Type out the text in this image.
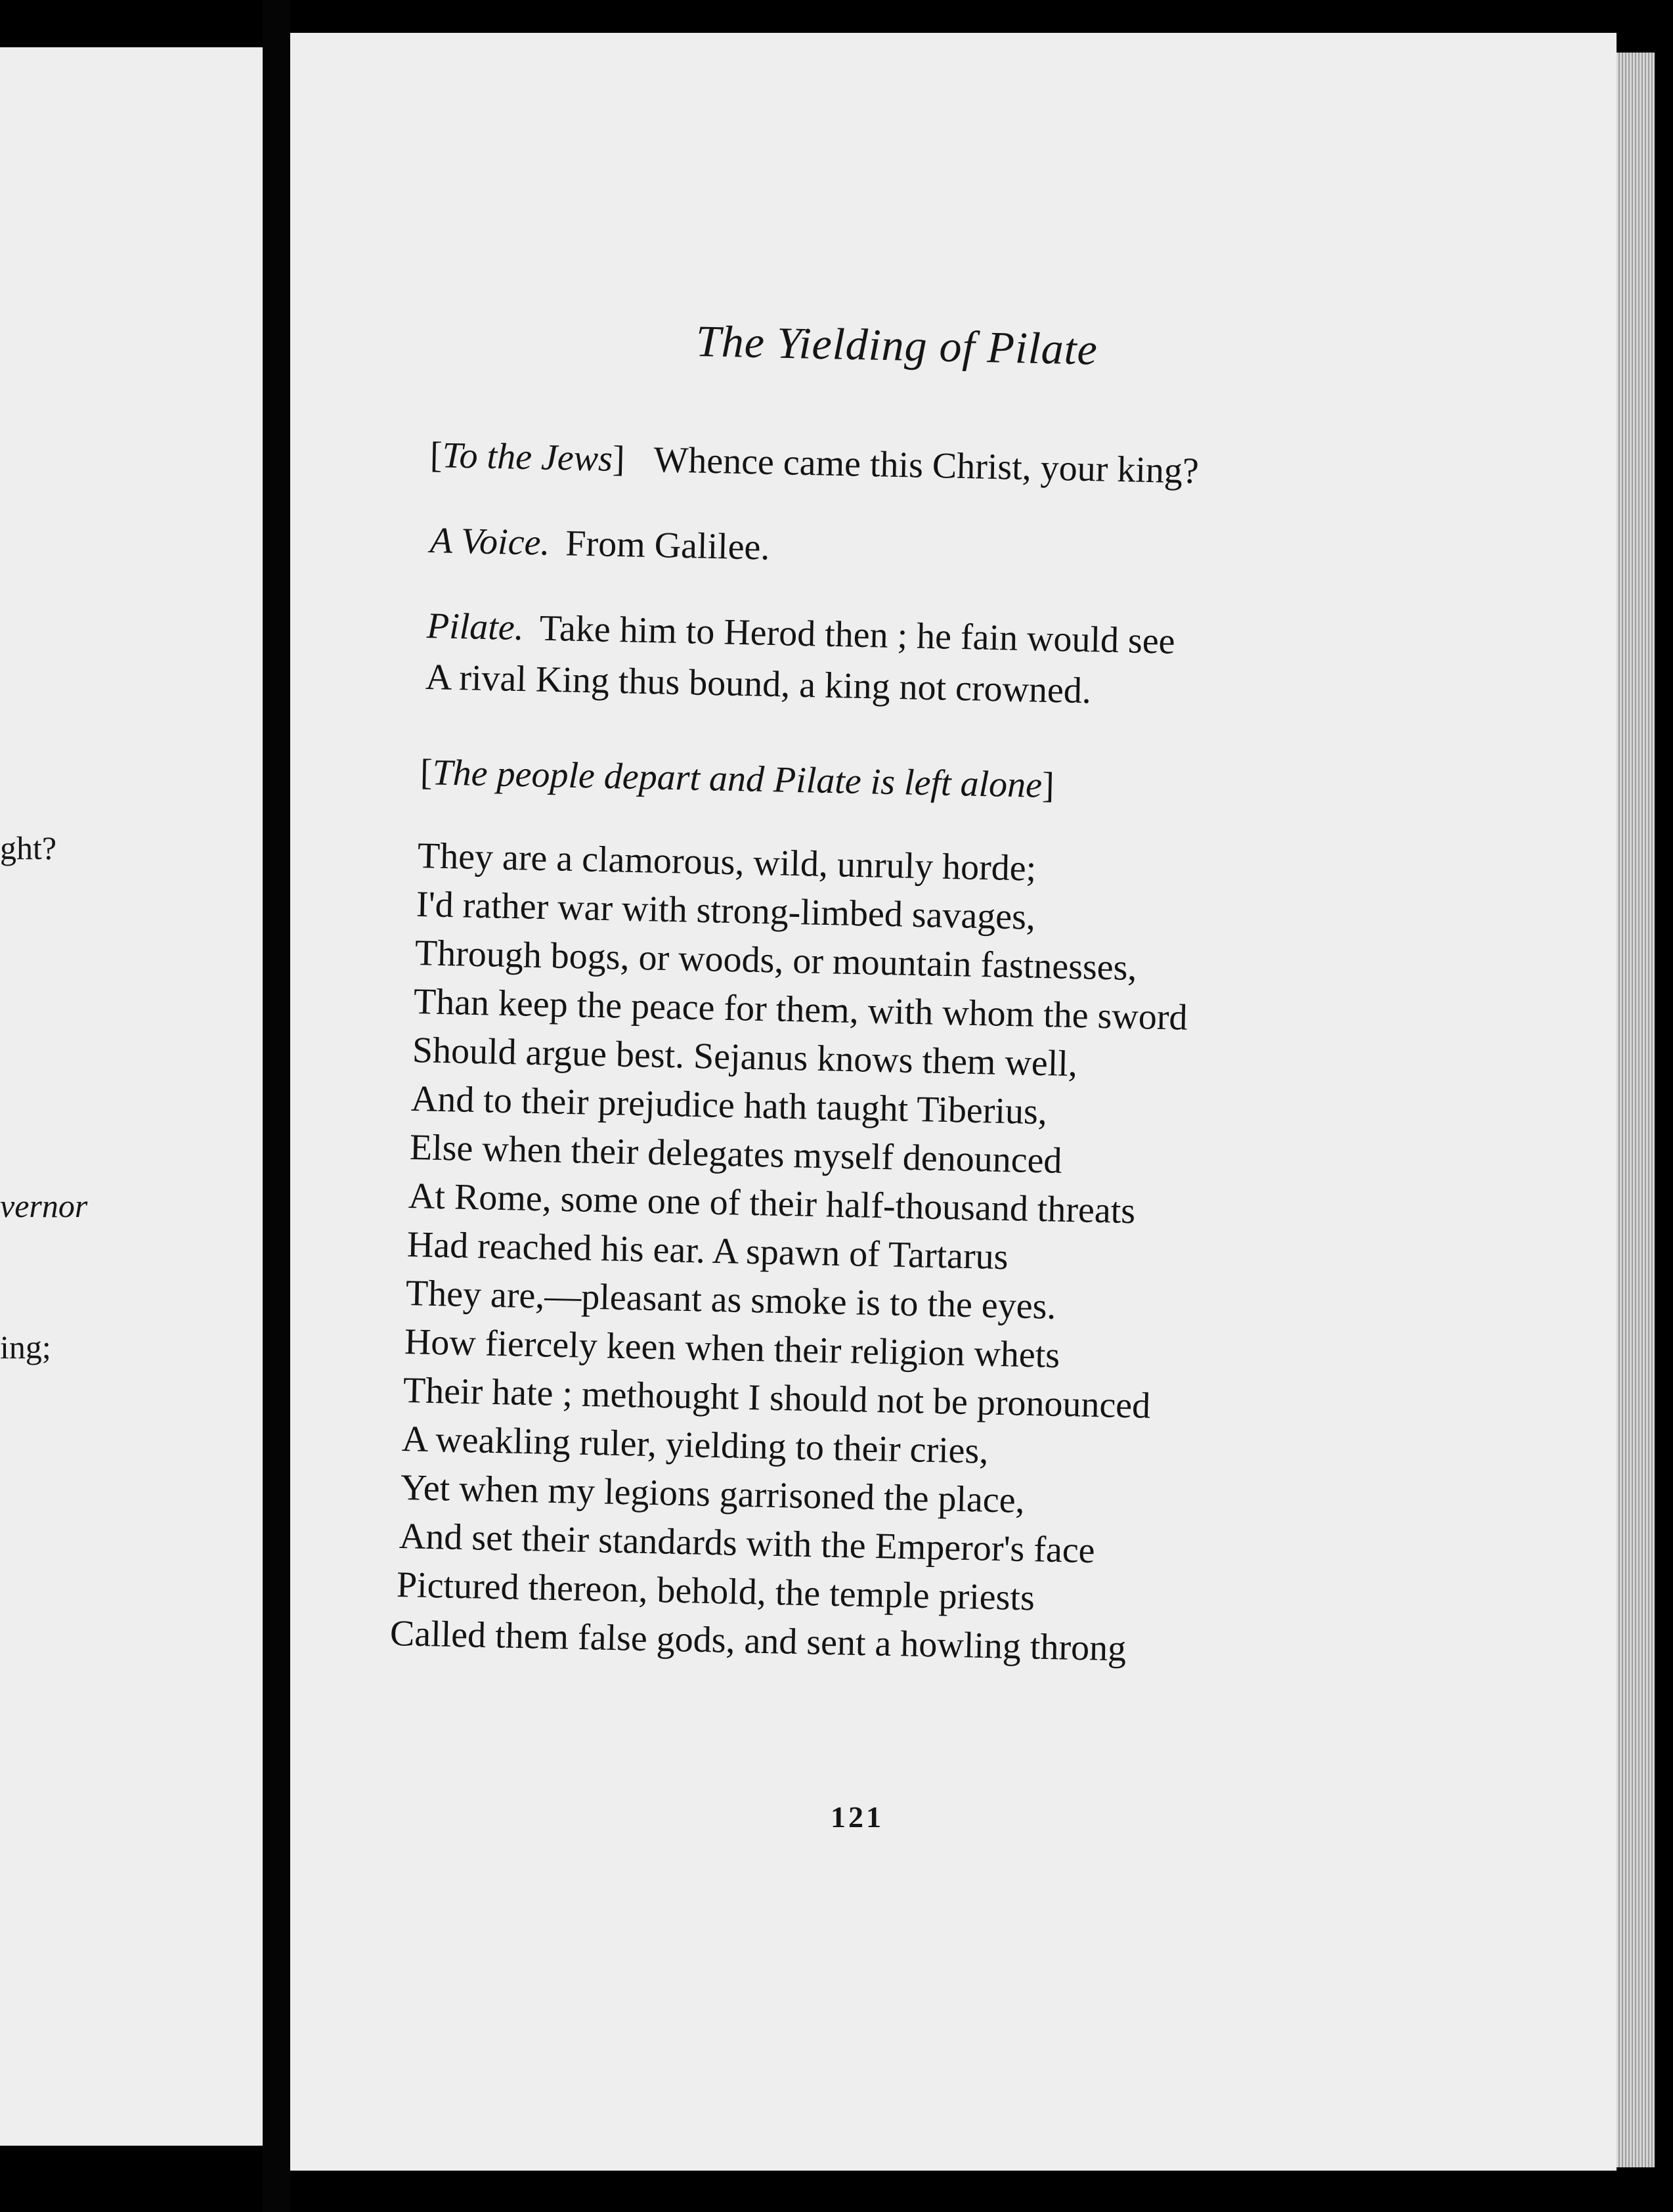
ght?
vernor
ing;
The Yielding of Pilate
[To the Jews] Whence came this Christ, your king?
A Voice. From Galilee.
Pilate. Take him to Herod then ; he fain would see
A rival King thus bound, a king not crowned.
[The people depart and Pilate is left alone]
They are a clamorous, wild, unruly horde;
I'd rather war with strong-limbed savages,
Through bogs, or woods, or mountain fastnesses,
Than keep the peace for them, with whom the sword
Should argue best. Sejanus knows them well,
And to their prejudice hath taught Tiberius,
Else when their delegates myself denounced
At Rome, some one of their half-thousand threats
Had reached his ear. A spawn of Tartarus
They are,—pleasant as smoke is to the eyes.
How fiercely keen when their religion whets
Their hate ; methought I should not be pronounced
A weakling ruler, yielding to their cries,
Yet when my legions garrisoned the place,
And set their standards with the Emperor's face
Pictured thereon, behold, the temple priests
Called them false gods, and sent a howling throng
121
